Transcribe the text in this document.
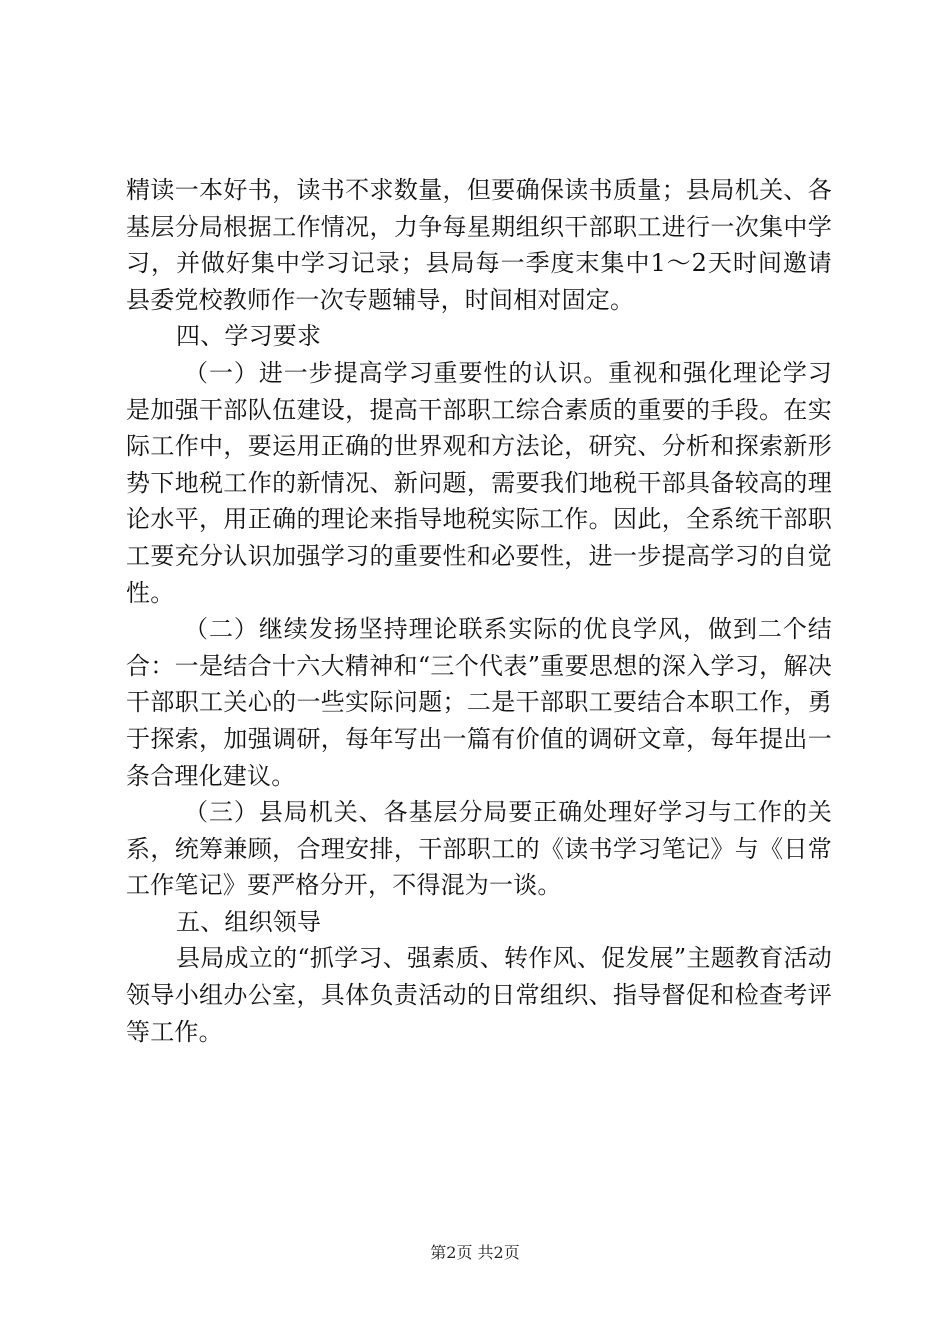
精读一本好书，读书不求数量，但要确保读书质量；县局机关、各基层分局根据工作情况，力争每星期组织干部职工进行一次集中学习，并做好集中学习记录；县局每一季度末集中1～2天时间邀请县委党校教师作一次专题辅导，时间相对固定。

四、学习要求

（一）进一步提高学习重要性的认识。重视和强化理论学习是加强干部队伍建设，提高干部职工综合素质的重要的手段。在实际工作中，要运用正确的世界观和方法论，研究、分析和探索新形势下地税工作的新情况、新问题，需要我们地税干部具备较高的理论水平，用正确的理论来指导地税实际工作。因此，全系统干部职工要充分认识加强学习的重要性和必要性，进一步提高学习的自觉性。

（二）继续发扬坚持理论联系实际的优良学风，做到二个结合：一是结合十六大精神和“三个代表”重要思想的深入学习，解决干部职工关心的一些实际问题；二是干部职工要结合本职工作，勇于探索，加强调研，每年写出一篇有价值的调研文章，每年提出一条合理化建议。

（三）县局机关、各基层分局要正确处理好学习与工作的关系，统筹兼顾，合理安排，干部职工的《读书学习笔记》与《日常工作笔记》要严格分开，不得混为一谈。

五、组织领导

县局成立的“抓学习、强素质、转作风、促发展”主题教育活动领导小组办公室，具体负责活动的日常组织、指导督促和检查考评等工作。

第2页 共2页
